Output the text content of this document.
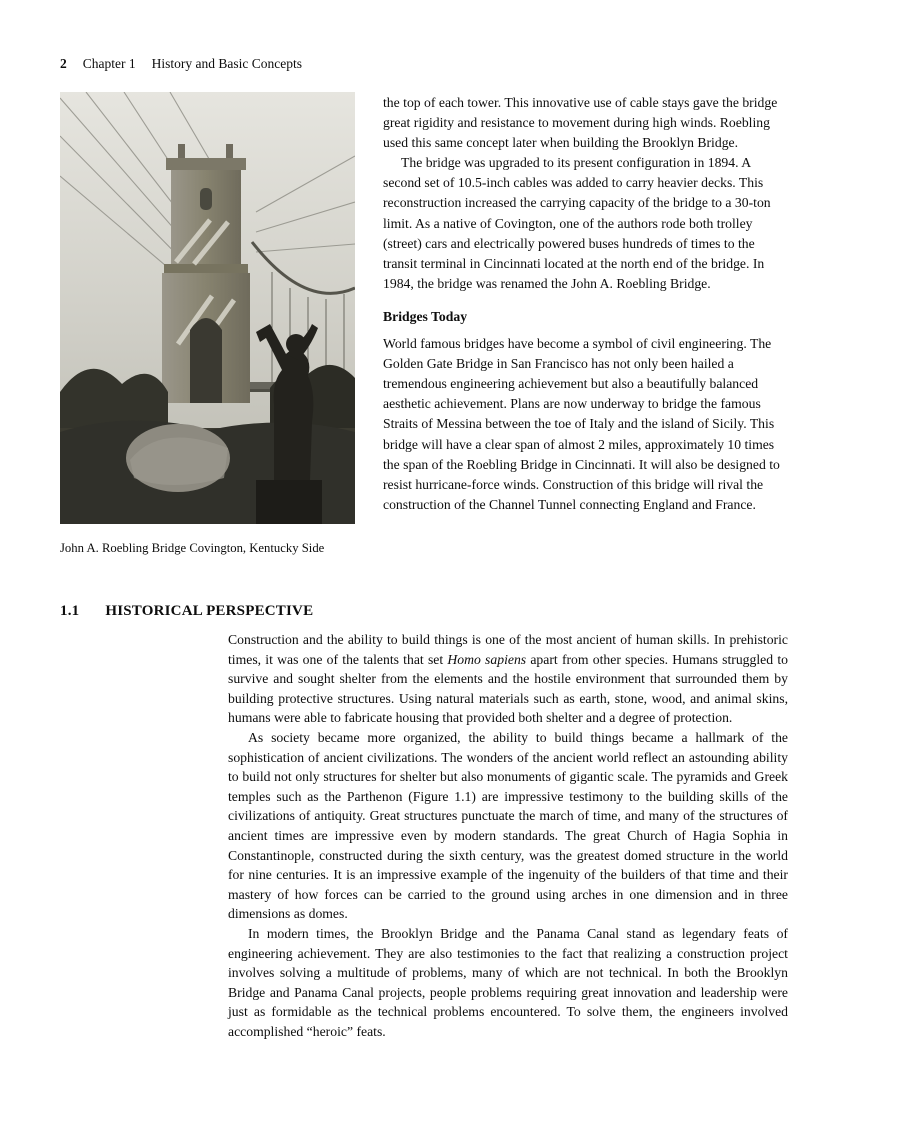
2 Chapter 1 History and Basic Concepts
John A. Roebling Bridge Covington, Kentucky Side

the top of each tower. This innovative use of cable stays gave the bridge great rigidity and resistance to movement during high winds. Roebling used this same concept later when building the Brooklyn Bridge.

The bridge was upgraded to its present configuration in 1894. A second set of 10.5-inch cables was added to carry heavier decks. This reconstruction increased the carrying capacity of the bridge to a 30-ton limit. As a native of Covington, one of the authors rode both trolley (street) cars and electrically powered buses hundreds of times to the transit terminal in Cincinnati located at the north end of the bridge. In 1984, the bridge was renamed the John A. Roebling Bridge.

Bridges Today

World famous bridges have become a symbol of civil engineering. The Golden Gate Bridge in San Francisco has not only been hailed a tremendous engineering achievement but also a beautifully balanced aesthetic achievement. Plans are now underway to bridge the famous Straits of Messina between the toe of Italy and the island of Sicily. This bridge will have a clear span of almost 2 miles, approximately 10 times the span of the Roebling Bridge in Cincinnati. It will also be designed to resist hurricane-force winds. Construction of this bridge will rival the construction of the Channel Tunnel connecting England and France.

1.1 HISTORICAL PERSPECTIVE

Construction and the ability to build things is one of the most ancient of human skills. In prehistoric times, it was one of the talents that set Homo sapiens apart from other species. Humans struggled to survive and sought shelter from the elements and the hostile environment that surrounded them by building protective structures. Using natural materials such as earth, stone, wood, and animal skins, humans were able to fabricate housing that provided both shelter and a degree of protection.

As society became more organized, the ability to build things became a hallmark of the sophistication of ancient civilizations. The wonders of the ancient world reflect an astounding ability to build not only structures for shelter but also monuments of gigantic scale. The pyramids and Greek temples such as the Parthenon (Figure 1.1) are impressive testimony to the building skills of the civilizations of antiquity. Great structures punctuate the march of time, and many of the structures of ancient times are impressive even by modern standards. The great Church of Hagia Sophia in Constantinople, constructed during the sixth century, was the greatest domed structure in the world for nine centuries. It is an impressive example of the ingenuity of the builders of that time and their mastery of how forces can be carried to the ground using arches in one dimension and in three dimensions as domes.

In modern times, the Brooklyn Bridge and the Panama Canal stand as legendary feats of engineering achievement. They are also testimonies to the fact that realizing a construction project involves solving a multitude of problems, many of which are not technical. In both the Brooklyn Bridge and Panama Canal projects, people problems requiring great innovation and leadership were just as formidable as the technical problems encountered. To solve them, the engineers involved accomplished “heroic” feats.
